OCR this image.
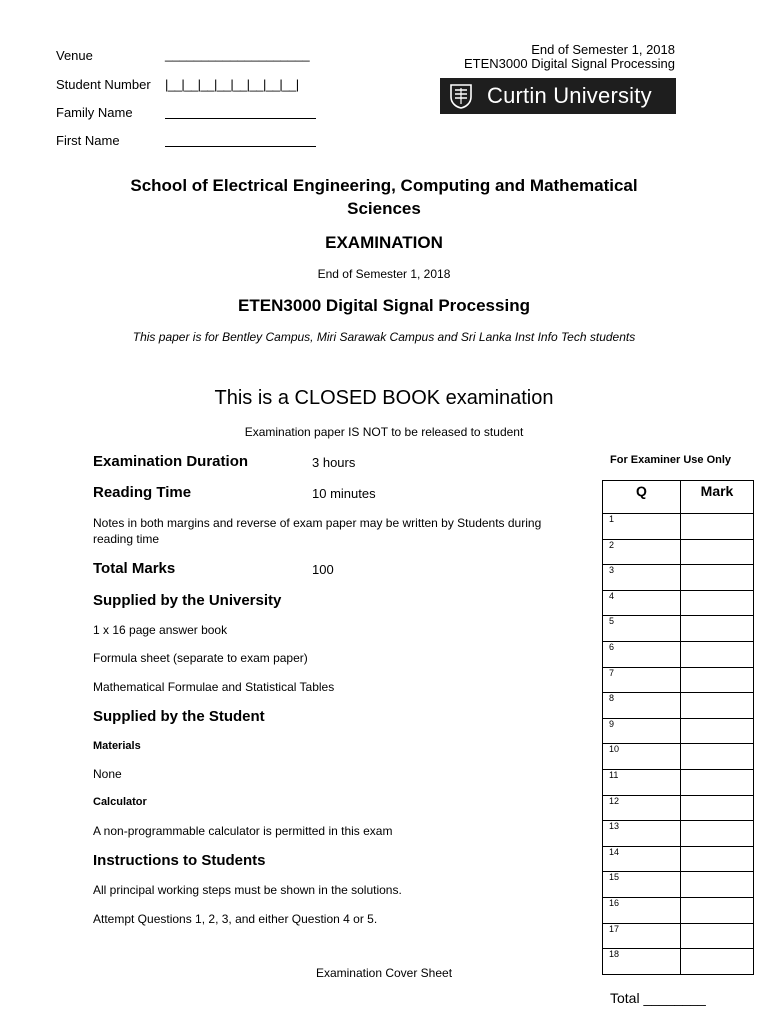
Venue	____________________
Student Number |__|__|__|__|__|__|__|__|
Family Name
First Name
End of Semester 1, 2018
ETEN3000 Digital Signal Processing
Curtin University
School of Electrical Engineering, Computing and Mathematical
Sciences
EXAMINATION
End of Semester 1, 2018
ETEN3000 Digital Signal Processing
This paper is for Bentley Campus, Miri Sarawak Campus and Sri Lanka Inst Info Tech students
This is a CLOSED BOOK examination
Examination paper IS NOT to be released to student
Examination Duration	3 hours
Reading Time	10 minutes
Notes in both margins and reverse of exam paper may be written by Students during
reading time
Total Marks	100
Supplied by the University
1 x 16 page answer book
Formula sheet (separate to exam paper)
Mathematical Formulae and Statistical Tables
Supplied by the Student
Materials
None
Calculator
A non-programmable calculator is permitted in this exam
Instructions to Students
All principal working steps must be shown in the solutions.
Attempt Questions 1, 2, 3, and either Question 4 or 5.
For Examiner Use Only
Q	Mark
1	
2	
3	
4	
5	
6	
7	
8	
9	
10	
11	
12	
13	
14	
15	
16	
17	
18	
Total ________
Examination Cover Sheet
